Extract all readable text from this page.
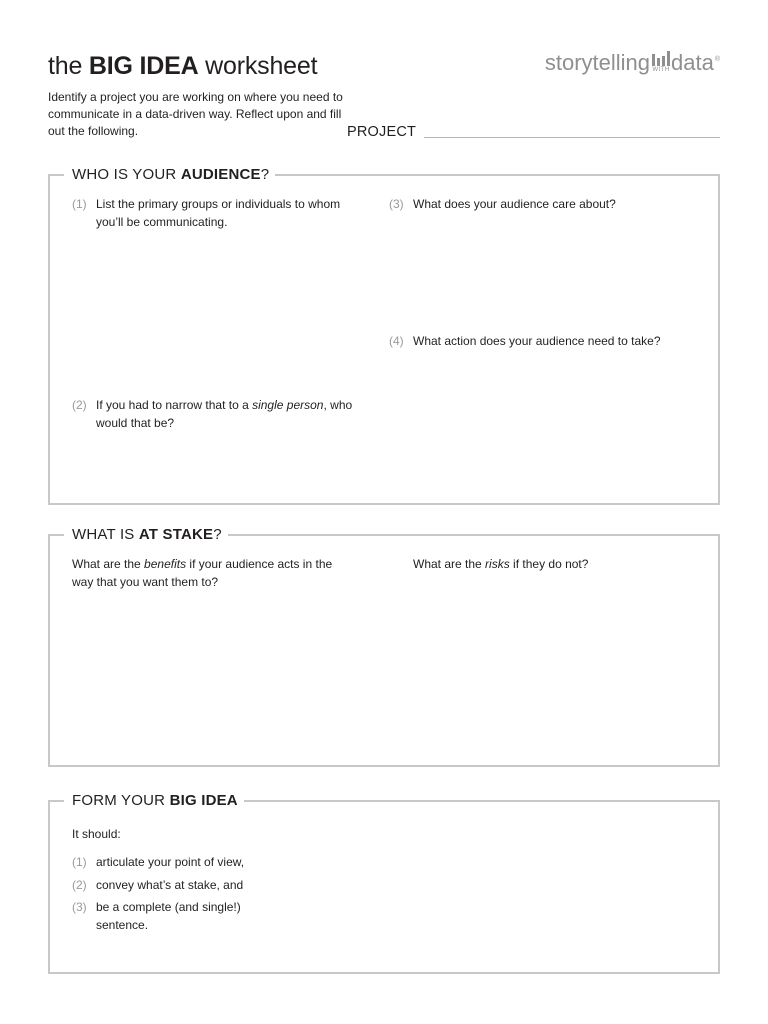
the BIG IDEA worksheet	storytelling WITH data ®
Identify a project you are working on where you need to communicate in a data-driven way. Reflect upon and fill out the following.	PROJECT
WHO IS YOUR AUDIENCE?
(1) List the primary groups or individuals to whom you’ll be communicating.
(2) If you had to narrow that to a single person, who would that be?
(3) What does your audience care about?
(4) What action does your audience need to take?
WHAT IS AT STAKE?
What are the benefits if your audience acts in the way that you want them to?
What are the risks if they do not?
FORM YOUR BIG IDEA
It should:
(1) articulate your point of view,
(2) convey what’s at stake, and
(3) be a complete (and single!) sentence.
